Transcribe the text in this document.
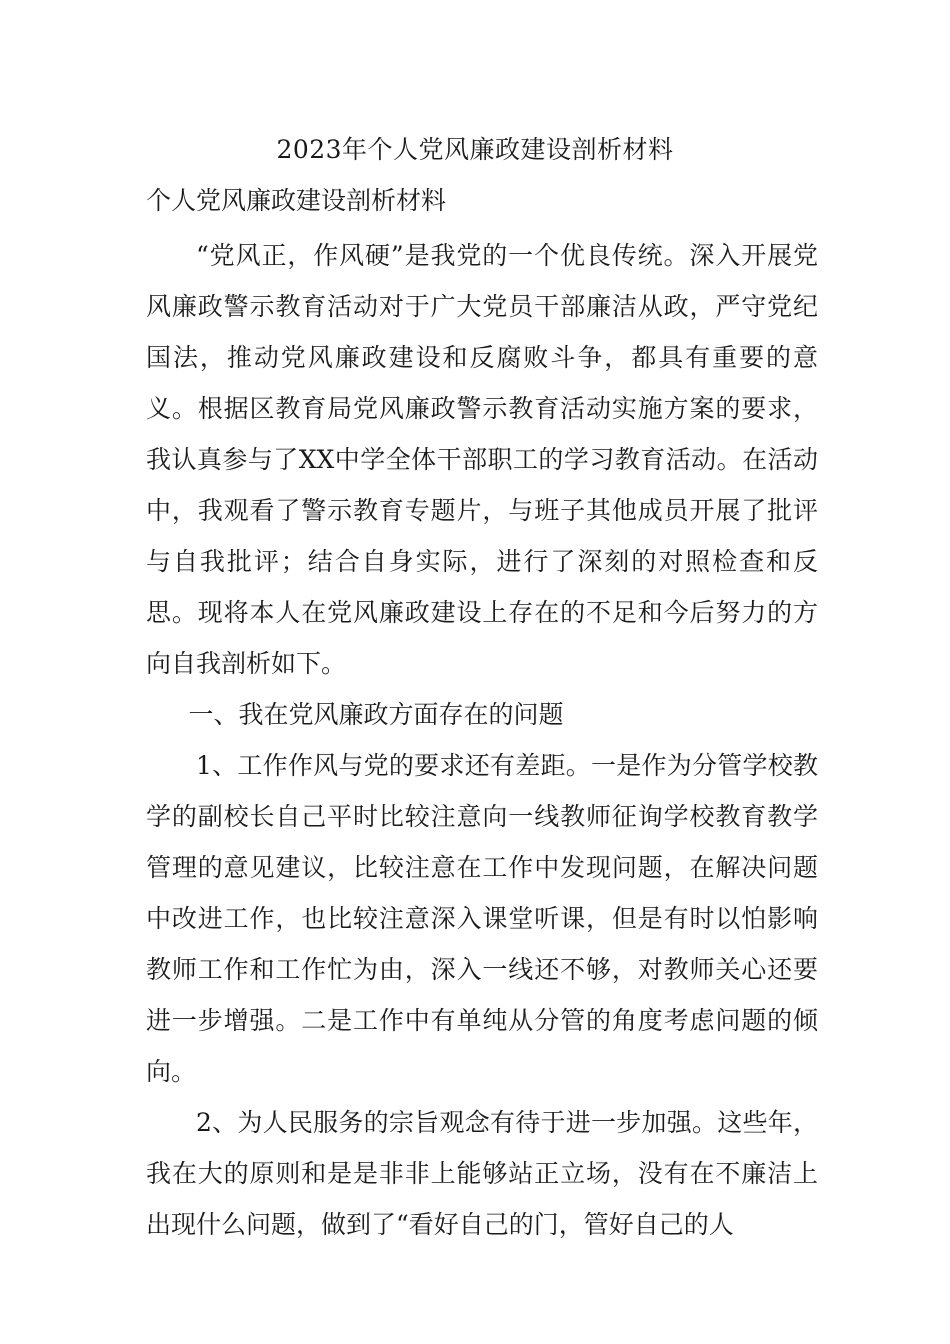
2023年个人党风廉政建设剖析材料
个人党风廉政建设剖析材料

“党风正，作风硬”是我党的一个优良传统。深入开展党风廉政警示教育活动对于广大党员干部廉洁从政，严守党纪国法，推动党风廉政建设和反腐败斗争，都具有重要的意义。根据区教育局党风廉政警示教育活动实施方案的要求，我认真参与了XX中学全体干部职工的学习教育活动。在活动中，我观看了警示教育专题片，与班子其他成员开展了批评与自我批评；结合自身实际，进行了深刻的对照检查和反思。现将本人在党风廉政建设上存在的不足和今后努力的方向自我剖析如下。

一、我在党风廉政方面存在的问题

1、工作作风与党的要求还有差距。一是作为分管学校教学的副校长自己平时比较注意向一线教师征询学校教育教学管理的意见建议，比较注意在工作中发现问题，在解决问题中改进工作，也比较注意深入课堂听课，但是有时以怕影响教师工作和工作忙为由，深入一线还不够，对教师关心还要进一步增强。二是工作中有单纯从分管的角度考虑问题的倾向。

2、为人民服务的宗旨观念有待于进一步加强。这些年，我在大的原则和是是非非上能够站正立场，没有在不廉洁上出现什么问题，做到了“看好自己的门，管好自己的人
